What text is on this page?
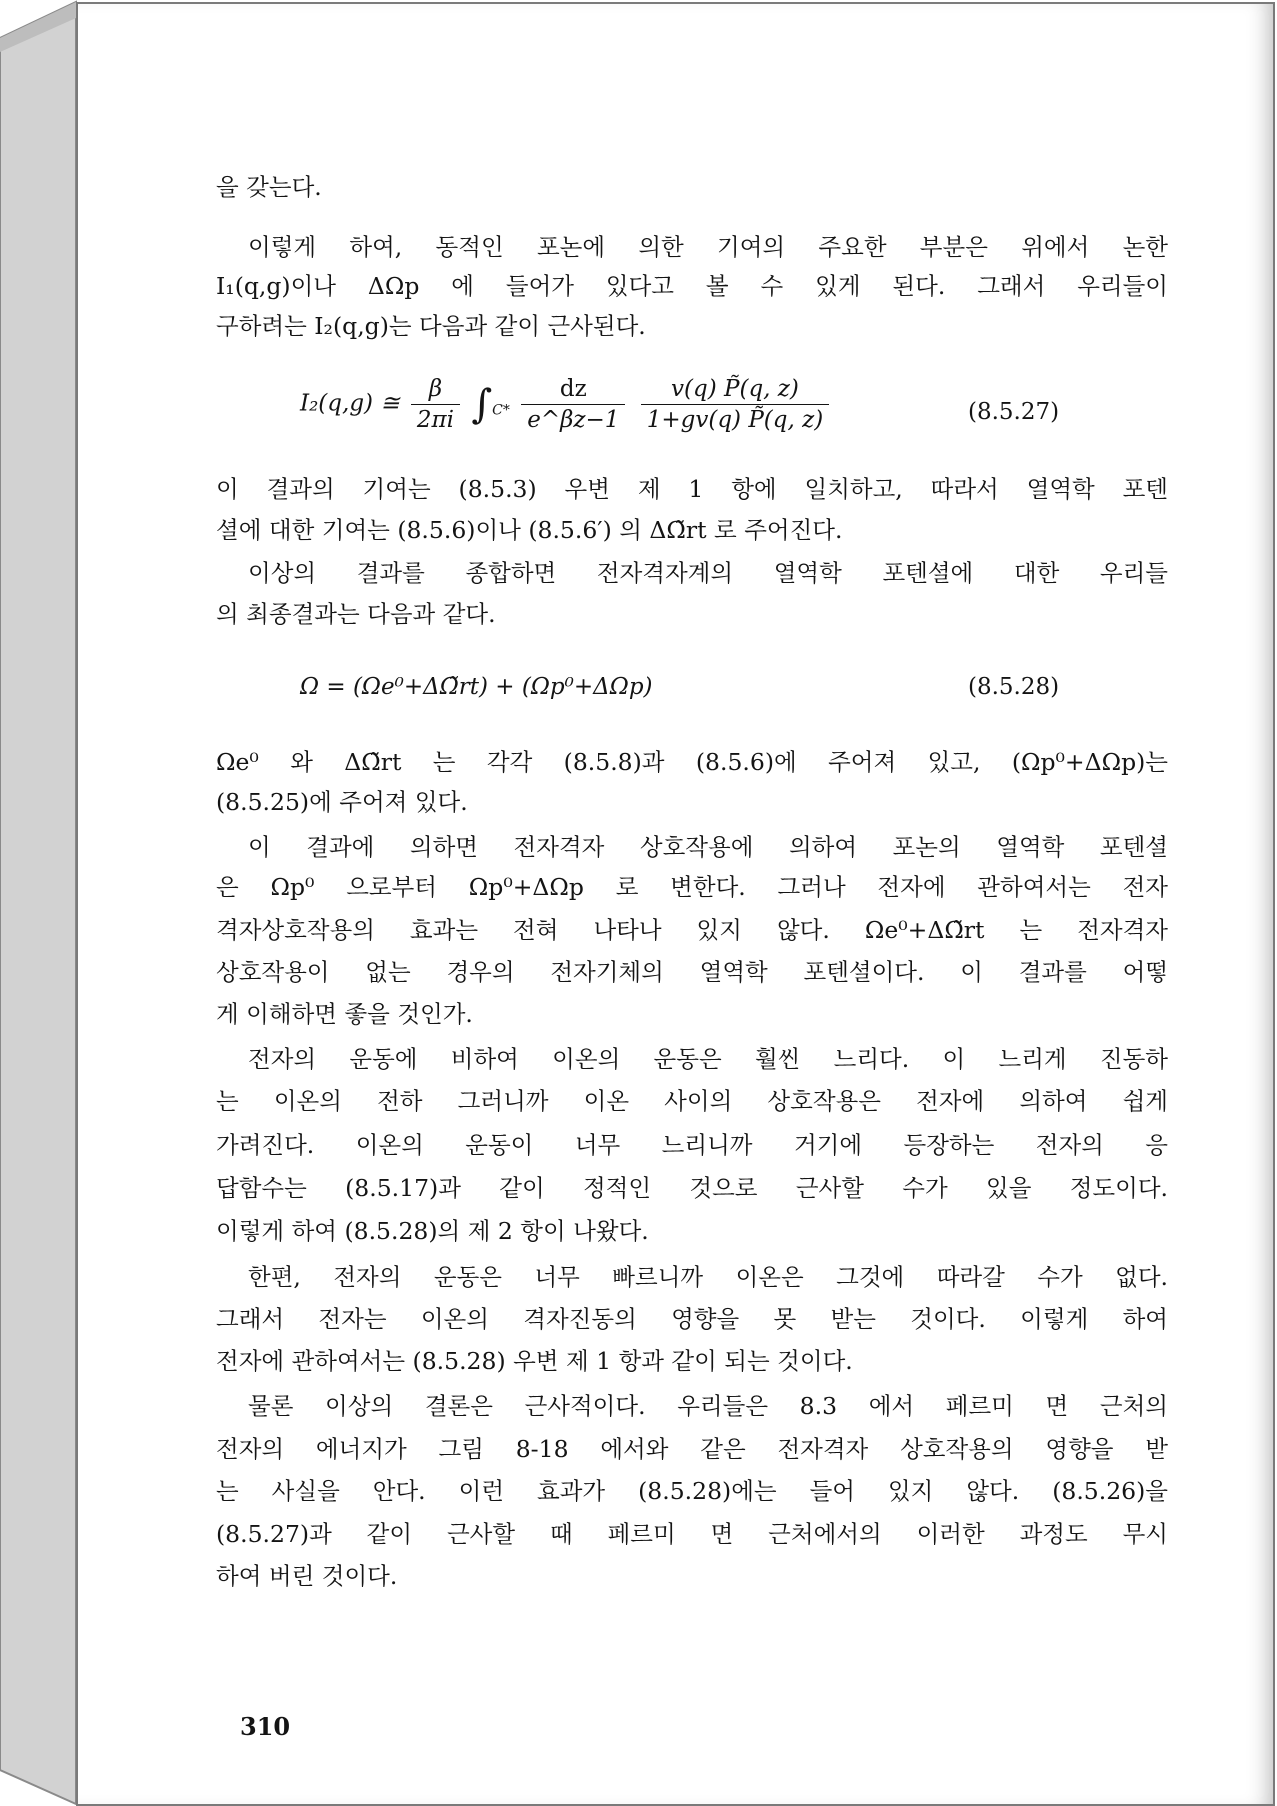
을 갖는다.
이렇게 하여, 동적인 포논에 의한 기여의 주요한 부분은 위에서 논한
I₁(q,g)이나 ΔΩp 에 들어가 있다고 볼 수 있게 된다. 그래서 우리들이
구하려는 I₂(q,g)는 다음과 같이 근사된다.
I₂(q,g) ≅ $\frac{\beta}{2\pi i} \int_{C*} \frac{dz}{e\^{}\beta z-1}$
$\frac{v(q) P̃(q, z)}{1+gv(q) P̃(q, z)}$	(8.5.27)
이 결과의 기여는 (8.5.3) 우변 제 1 항에 일치하고, 따라서 열역학 포텐
셜에 대한 기여는 (8.5.6)이나 (8.5.6′) 의 ΔΩ̃rt 로 주어진다.
이상의 결과를 종합하면 전자격자계의 열역학 포텐셜에 대한 우리들
의 최종결과는 다음과 같다.
Ω = (Ωe⁰+ΔΩ̃rt) + (Ωp⁰+ΔΩp)	(8.5.28)
Ωe⁰ 와 ΔΩ̃rt 는 각각 (8.5.8)과 (8.5.6)에 주어져 있고, (Ωp⁰+ΔΩp)는
(8.5.25)에 주어져 있다.
이 결과에 의하면 전자격자 상호작용에 의하여 포논의 열역학 포텐셜
은 Ωp⁰ 으로부터 Ωp⁰+ΔΩp 로 변한다. 그러나 전자에 관하여서는 전자
격자상호작용의 효과는 전혀 나타나 있지 않다. Ωe⁰+ΔΩ̃rt 는 전자격자
상호작용이 없는 경우의 전자기체의 열역학 포텐셜이다. 이 결과를 어떻
게 이해하면 좋을 것인가.
전자의 운동에 비하여 이온의 운동은 훨씬 느리다. 이 느리게 진동하
는 이온의 전하 그러니까 이온 사이의 상호작용은 전자에 의하여 쉽게
가려진다. 이온의 운동이 너무 느리니까 거기에 등장하는 전자의 응
답함수는 (8.5.17)과 같이 정적인 것으로 근사할 수가 있을 정도이다.
이렇게 하여 (8.5.28)의 제 2 항이 나왔다.
한편, 전자의 운동은 너무 빠르니까 이온은 그것에 따라갈 수가 없다.
그래서 전자는 이온의 격자진동의 영향을 못 받는 것이다. 이렇게 하여
전자에 관하여서는 (8.5.28) 우변 제 1 항과 같이 되는 것이다.
물론 이상의 결론은 근사적이다. 우리들은 8.3 에서 페르미 면 근처의
전자의 에너지가 그림 8-18 에서와 같은 전자격자 상호작용의 영향을 받
는 사실을 안다. 이런 효과가 (8.5.28)에는 들어 있지 않다. (8.5.26)을
(8.5.27)과 같이 근사할 때 페르미 면 근처에서의 이러한 과정도 무시
하여 버린 것이다.
310
